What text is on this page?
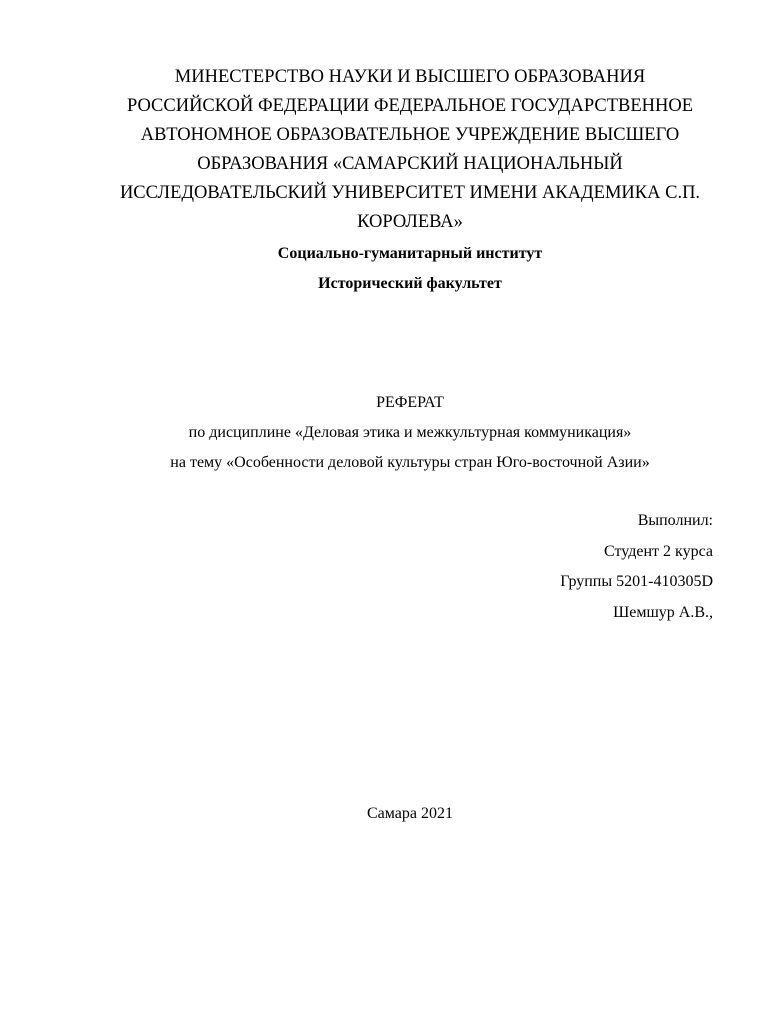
МИНЕСТЕРСТВО НАУКИ И ВЫСШЕГО ОБРАЗОВАНИЯ
РОССИЙСКОЙ ФЕДЕРАЦИИ ФЕДЕРАЛЬНОЕ ГОСУДАРСТВЕННОЕ
АВТОНОМНОЕ ОБРАЗОВАТЕЛЬНОЕ УЧРЕЖДЕНИЕ ВЫСШЕГО
ОБРАЗОВАНИЯ «САМАРСКИЙ НАЦИОНАЛЬНЫЙ
ИССЛЕДОВАТЕЛЬСКИЙ УНИВЕРСИТЕТ ИМЕНИ АКАДЕМИКА С.П.
КОРОЛЕВА»
Социально-гуманитарный институт
Исторический факультет
РЕФЕРАТ
по дисциплине «Деловая этика и межкультурная коммуникация»
на тему «Особенности деловой культуры стран Юго-восточной Азии»
Выполнил:
Студент 2 курса
Группы 5201-410305D
Шемшур А.В.,
Самара 2021
